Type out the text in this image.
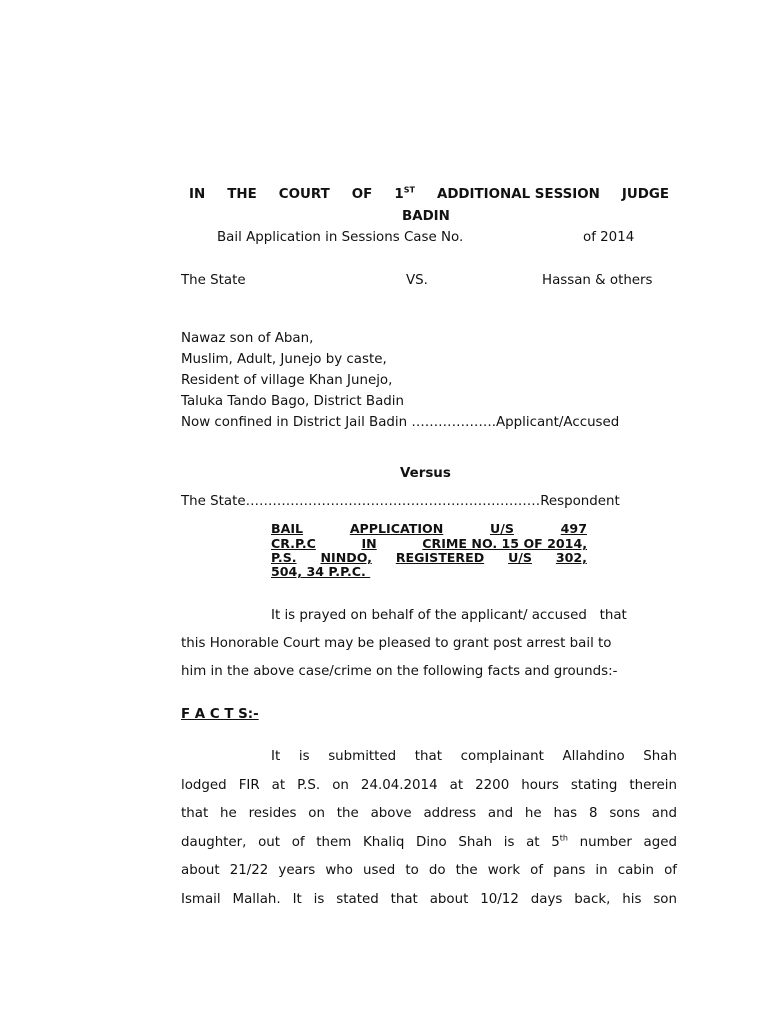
IN THE COURT OF 1ST ADDITIONAL SESSION JUDGE
BADIN
Bail Application in Sessions Case No.	of 2014
The State	VS.	Hassan & others
Nawaz son of Aban,
Muslim, Adult, Junejo by caste,
Resident of village Khan Junejo,
Taluka Tando Bago, District Badin
Now confined in District Jail Badin ……………….Applicant/Accused
Versus
The State…………………………………………………………Respondent
BAIL	APPLICATION	U/S	497
CR.P.C	IN	CRIME NO. 15 OF 2014,
P.S. NINDO, REGISTERED U/S 302,
504, 34 P.P.C.
It is prayed on behalf of the applicant/ accused   that
this Honorable Court may be pleased to grant post arrest bail to
him in the above case/crime on the following facts and grounds:-
F A C T S:-
It is submitted that complainant Allahdino Shah
lodged FIR at P.S. on 24.04.2014 at 2200 hours stating therein
that he resides on the above address and he has 8 sons and
daughter, out of them Khaliq Dino Shah is at 5th number aged
about 21/22 years who used to do the work of pans in cabin of
Ismail Mallah. It is stated that about 10/12 days back, his son
